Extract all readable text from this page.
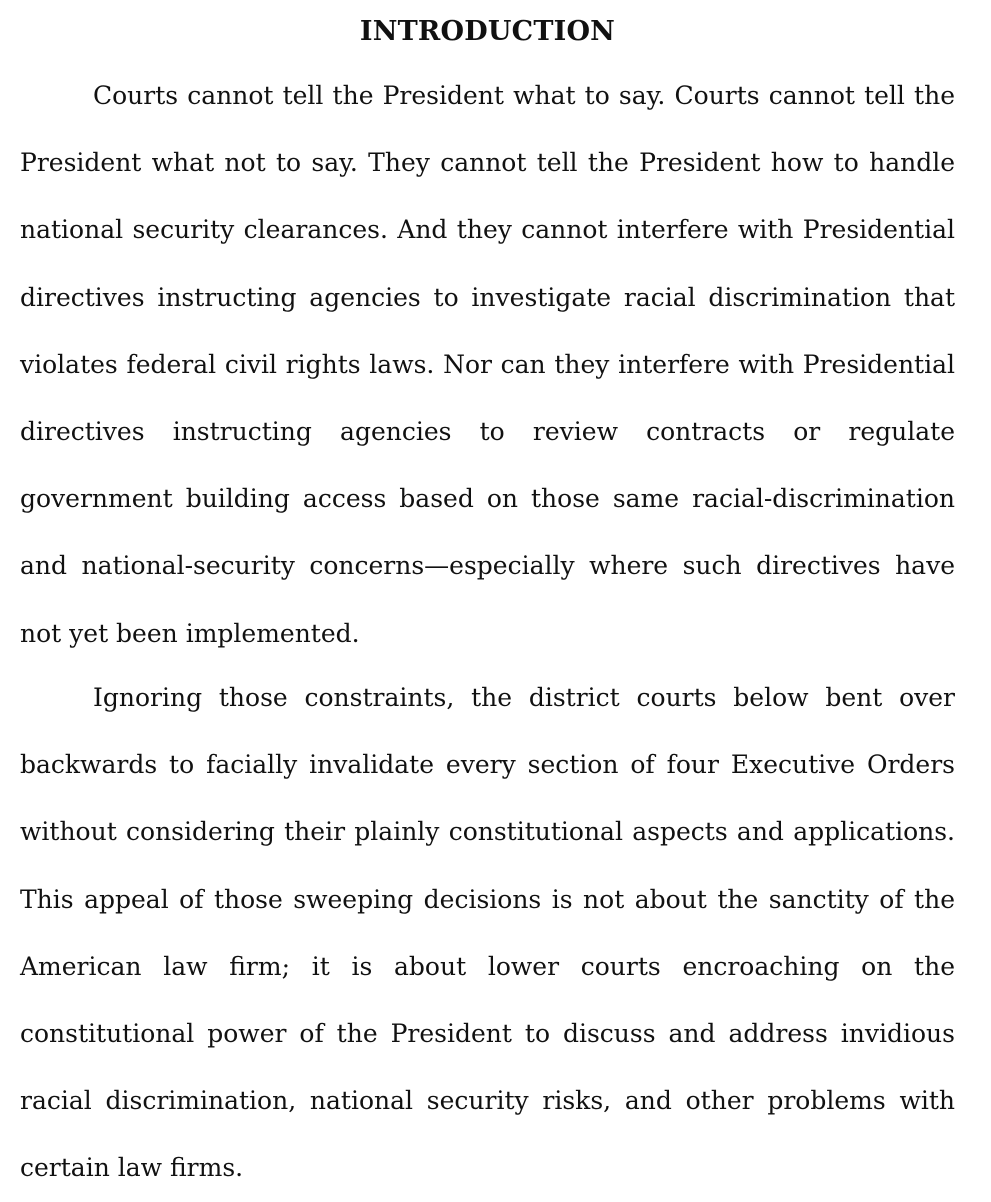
INTRODUCTION
Courts cannot tell the President what to say. Courts cannot tell the
President what not to say. They cannot tell the President how to handle
national security clearances. And they cannot interfere with Presidential
directives instructing agencies to investigate racial discrimination that
violates federal civil rights laws. Nor can they interfere with Presidential
directives instructing agencies to review contracts or regulate
government building access based on those same racial-discrimination
and national-security concerns—especially where such directives have
not yet been implemented.
Ignoring those constraints, the district courts below bent over
backwards to facially invalidate every section of four Executive Orders
without considering their plainly constitutional aspects and applications.
This appeal of those sweeping decisions is not about the sanctity of the
American law firm; it is about lower courts encroaching on the
constitutional power of the President to discuss and address invidious
racial discrimination, national security risks, and other problems with
certain law firms.
